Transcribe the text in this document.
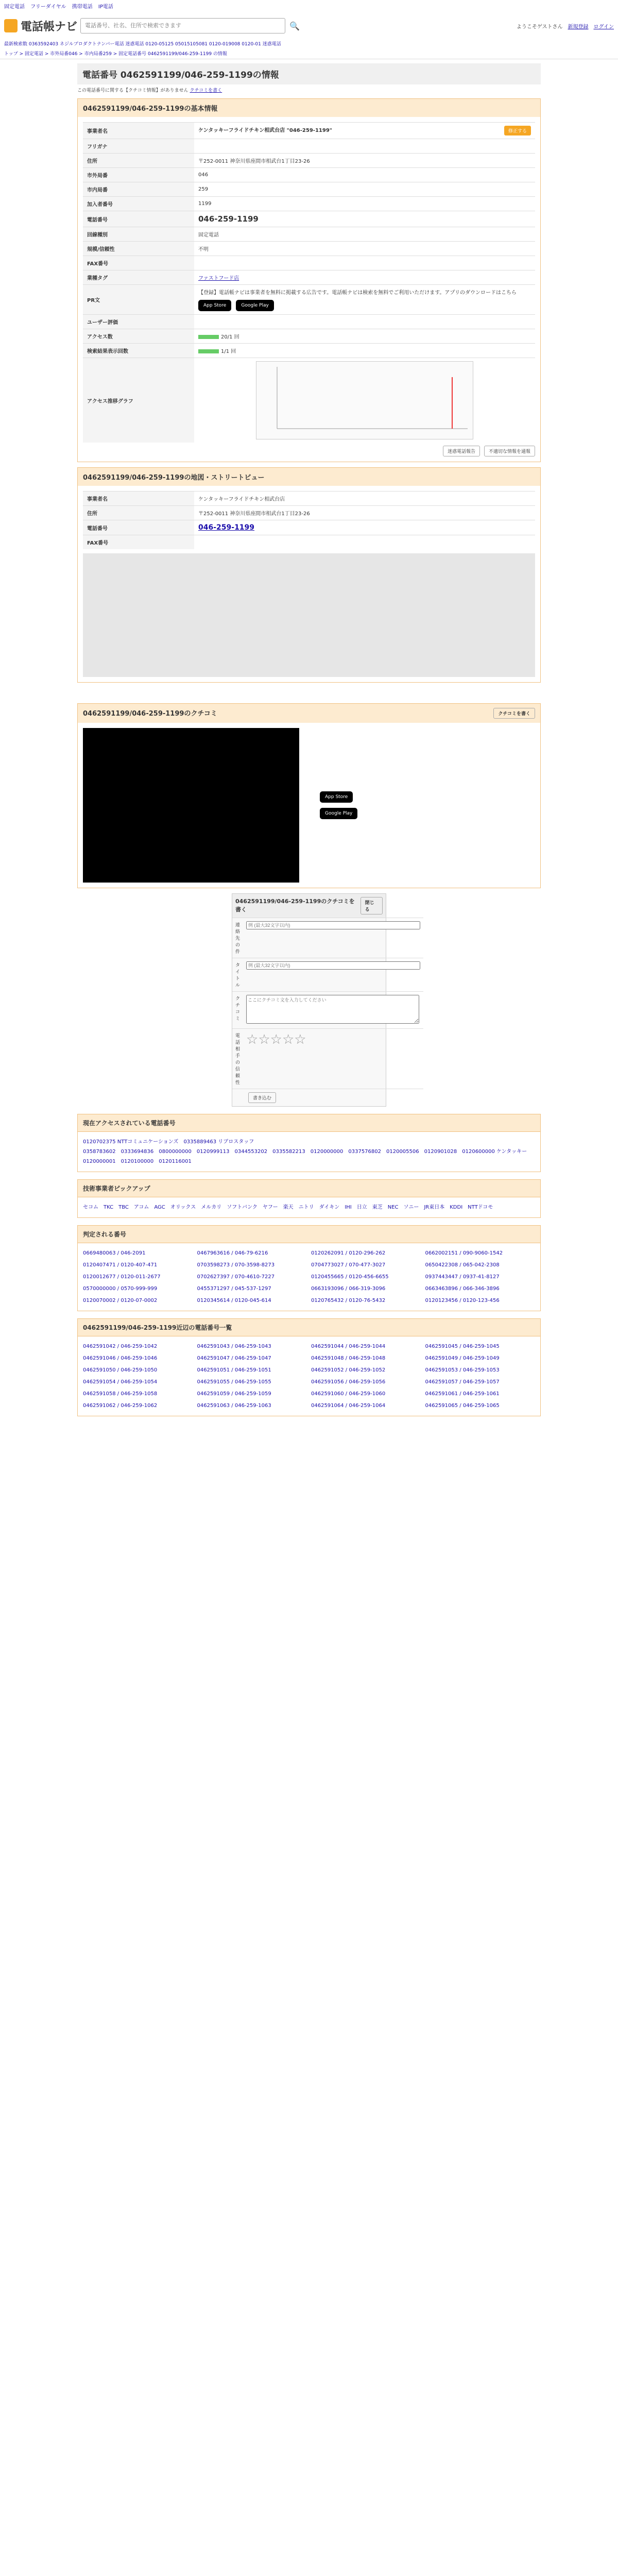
固定電話 フリーダイヤル 携帯電話 IP電話
電話帳ナビ
電話番号、社名、住所で検索できます	🔍	ようこそゲストさん 新規登録 ログイン
最新検索数 0363592403 ネジルプロダクトナンバー電話 迷惑電話 0120-05125 05015105081 0120-019008 0120-01 迷惑電話
トップ > 固定電話 > 市外局番046 > 市内局番259 > 固定電話番号 0462591199/046-259-1199 の情報
電話番号 0462591199/046-259-1199の情報
この電話番号に関する【クチコミ情報】がありません クチコミを書く
0462591199/046-259-1199の基本情報
事業者名	ケンタッキーフライドチキン相武台店 "046-259-1199" 修正する

フリガナ	
住所	〒252-0011 神奈川県座間市相武台1丁目23-26
市外局番	046
市内局番	259
加入者番号	1199
電話番号	046-259-1199
回線種別	固定電話
規模/信頼性	不明
FAX番号	
業種タグ	ファストフード店
PR文	【登録】電話帳ナビは事業者を無料に掲載する広告です。電話帳ナビは検索を無料でご利用いただけます。アプリのダウンロードはこちら
App Store Google Play
ユーザー評価	
アクセス数	20/1 回
検索結果表示回数	1/1 回
アクセス推移グラフ	
迷惑電話報告	不適切な情報を通報
0462591199/046-259-1199の地図・ストリートビュー
事業者名	ケンタッキーフライドチキン相武台店
住所	〒252-0011 神奈川県座間市相武台1丁目23-26
電話番号	046-259-1199
FAX番号	
0462591199/046-259-1199のクチコミ	クチコミを書く
App Store
Google Play
0462591199/046-259-1199のクチコミを書く
閉じる
連絡先の件	例 (最大32文字以内)
タイトル	例 (最大32文字以内)
クチコミ	ここにクチコミ文を入力してください
電話相手の信頼性	☆☆☆☆☆
	書き込む
現在アクセスされている電話番号
0120702375 NTTコミュニケーションズ 0335889463 リブロスタッフ0358783602 0333694836 0800000000 0120999113 0344553202 0335582213 0120000000 0337576802 0120005506 0120901028 0120600000 ケンタッキー0120000001 0120100000 0120116001
技術事業者ピックアップ
セコム TKC TBC アコム AGC オリックス メルカリ ソフトバンク ヤフー 楽天 ニトリ ダイキン IHI 日立 東芝 NEC ソニー JR東日本 KDDI NTTドコモ
判定される番号
0669480063 / 046-2091	0467963616 / 046-79-6216	0120262091 / 0120-296-262	0662002151 / 090-9060-1542
0120407471 / 0120-407-471	0703598273 / 070-3598-8273	0704773027 / 070-477-3027	0650422308 / 065-042-2308
0120012677 / 0120-011-2677	0702627397 / 070-4610-7227	0120455665 / 0120-456-6655	0937443447 / 0937-41-8127
0570000000 / 0570-999-999	0455371297 / 045-537-1297	0663193096 / 066-319-3096	0663463896 / 066-346-3896
0120070002 / 0120-07-0002	0120345614 / 0120-045-614	0120765432 / 0120-76-5432	0120123456 / 0120-123-456
0462591199/046-259-1199近辺の電話番号一覧
0462591042 / 046-259-1042	0462591043 / 046-259-1043	0462591044 / 046-259-1044	0462591045 / 046-259-1045
0462591046 / 046-259-1046	0462591047 / 046-259-1047	0462591048 / 046-259-1048	0462591049 / 046-259-1049
0462591050 / 046-259-1050	0462591051 / 046-259-1051	0462591052 / 046-259-1052	0462591053 / 046-259-1053
0462591054 / 046-259-1054	0462591055 / 046-259-1055	0462591056 / 046-259-1056	0462591057 / 046-259-1057
0462591058 / 046-259-1058	0462591059 / 046-259-1059	0462591060 / 046-259-1060	0462591061 / 046-259-1061
0462591062 / 046-259-1062	0462591063 / 046-259-1063	0462591064 / 046-259-1064	0462591065 / 046-259-1065
